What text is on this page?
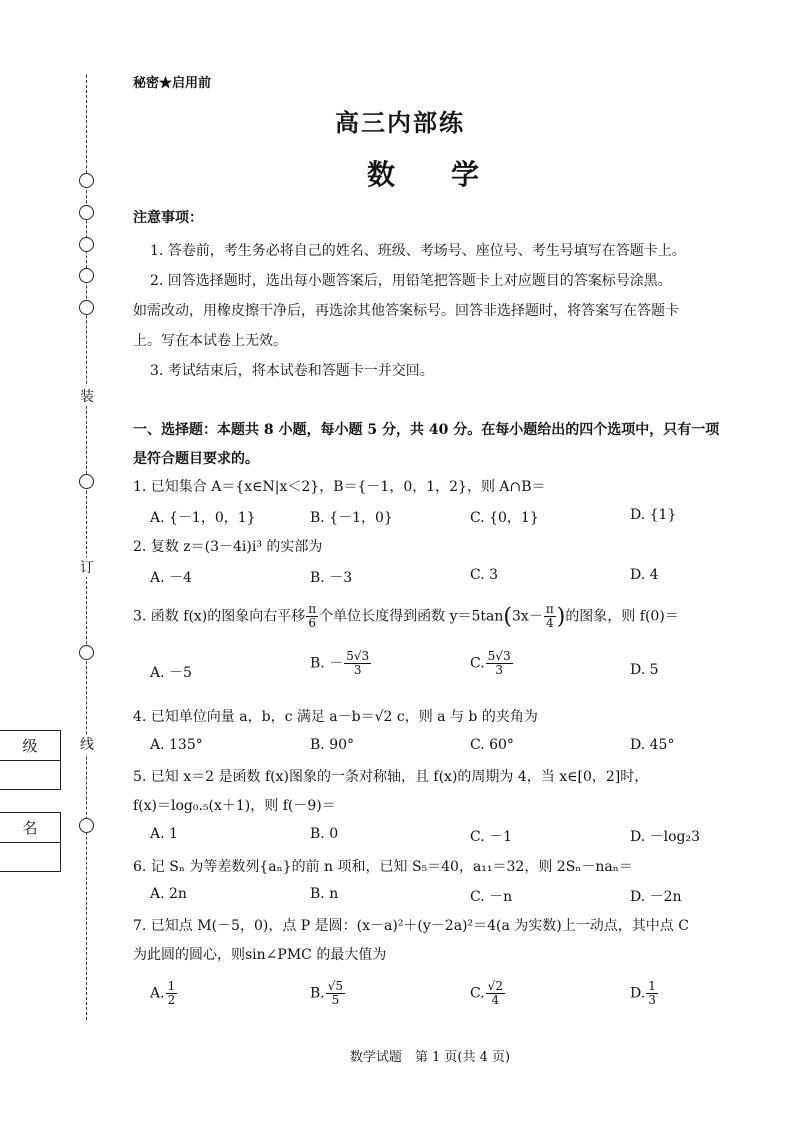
装
订
线
级
名
秘密★启用前
高三内部练
数　学
注意事项：
1. 答卷前，考生务必将自己的姓名、班级、考场号、座位号、考生号填写在答题卡上。
2. 回答选择题时，选出每小题答案后，用铅笔把答题卡上对应题目的答案标号涂黑。
如需改动，用橡皮擦干净后，再选涂其他答案标号。回答非选择题时，将答案写在答题卡
上。写在本试卷上无效。
3. 考试结束后，将本试卷和答题卡一并交回。
一、选择题：本题共 8 小题，每小题 5 分，共 40 分。在每小题给出的四个选项中，只有一项
是符合题目要求的。
1. 已知集合 A＝{x∈N|x＜2}，B＝{－1，0，1，2}，则 A∩B＝
A. {－1，0，1}	B. {－1，0}	C. {0，1}	D. {1}
2. 复数 z＝(3－4i)i³ 的实部为
A. －4	B. －3	C. 3	D. 4
3. 函数 f(x)的图象向右平移 $\frac{\pi}{6}$ 个单位长度得到函数 $y=5\tan(3x- \frac{\pi}{4}$ )的图象，则 f(0)＝
A. －5
B. － $\frac{5√3}{3}$	C. $\frac{5√3}{3}$	D. 5
4. 已知单位向量 a，b，c 满足 a－b＝√2 c，则 a 与 b 的夹角为
A. 135°	B. 90°	C. 60°	D. 45°
5. 已知 x＝2 是函数 f(x)图象的一条对称轴，且 f(x)的周期为 4，当 x∈[0，2]时，
f(x)＝log₀.₅(x＋1)，则 f(－9)＝
A. 1	B. 0	C. －1	D. －log₂3
6. 记 Sₙ 为等差数列{aₙ}的前 n 项和，已知 S₅＝40，a₁₁＝32，则 2Sₙ－naₙ＝
A. 2n	B. n	C. －n	D. －2n
7. 已知点 M(－5，0)，点 P 是圆：(x－a)²＋(y－2a)²＝4(a 为实数)上一动点，其中点 C
为此圆的圆心，则sin∠PMC 的最大值为
A. $\frac{1}{2}$	B. $\frac{√5}{5}$	C. $\frac{√2}{4}$	D. $\frac{1}{3}$
数学试题　第 1 页(共 4 页)
